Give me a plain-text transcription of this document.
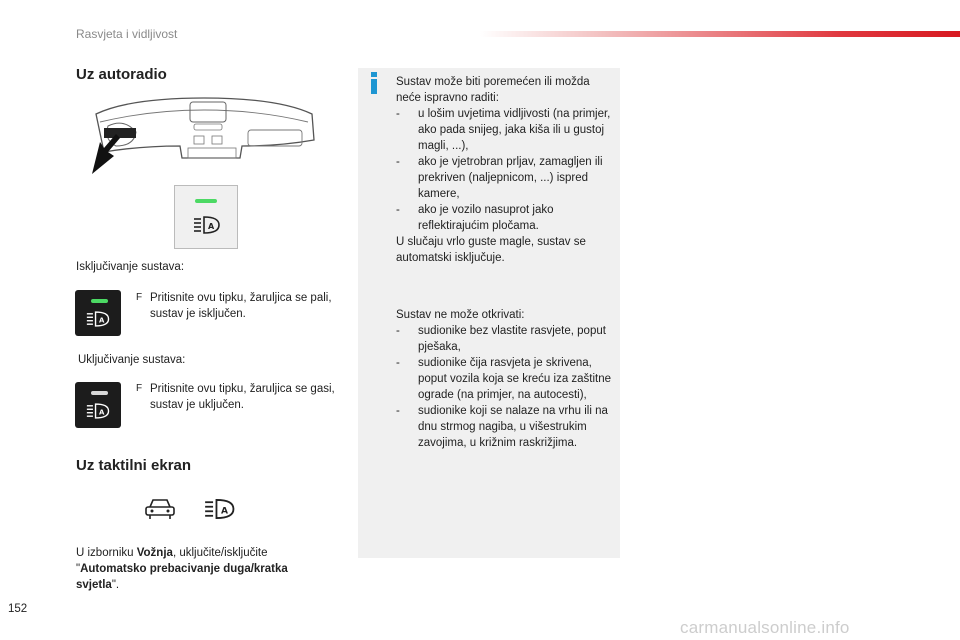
Rasvjeta i vidljivost
Uz autoradio
A
Isključivanje sustava:
A
F Pritisnite ovu tipku, žaruljica se pali, sustav je isključen.
Uključivanje sustava:
A
F Pritisnite ovu tipku, žaruljica se gasi, sustav je uključen.
Uz taktilni ekran
A
U izborniku Vožnja, uključite/isključite "Automatsko prebacivanje duga/kratka svjetla".
Sustav može biti poremećen ili možda neće ispravno raditi:
-	u lošim uvjetima vidljivosti (na primjer, ako pada snijeg, jaka kiša ili u gustoj magli, ...),
-	ako je vjetrobran prljav, zamagljen ili prekriven (naljepnicom, ...) ispred kamere,
-	ako je vozilo nasuprot jako reflektirajućim pločama.
U slučaju vrlo guste magle, sustav se automatski isključuje.
Sustav ne može otkrivati:
-	sudionike bez vlastite rasvjete, poput pješaka,
-	sudionike čija rasvjeta je skrivena, poput vozila koja se kreću iza zaštitne ograde (na primjer, na autocesti),
-	sudionike koji se nalaze na vrhu ili na dnu strmog nagiba, u višestrukim zavojima, u križnim raskrižjima.
152
carmanualsonline.info
